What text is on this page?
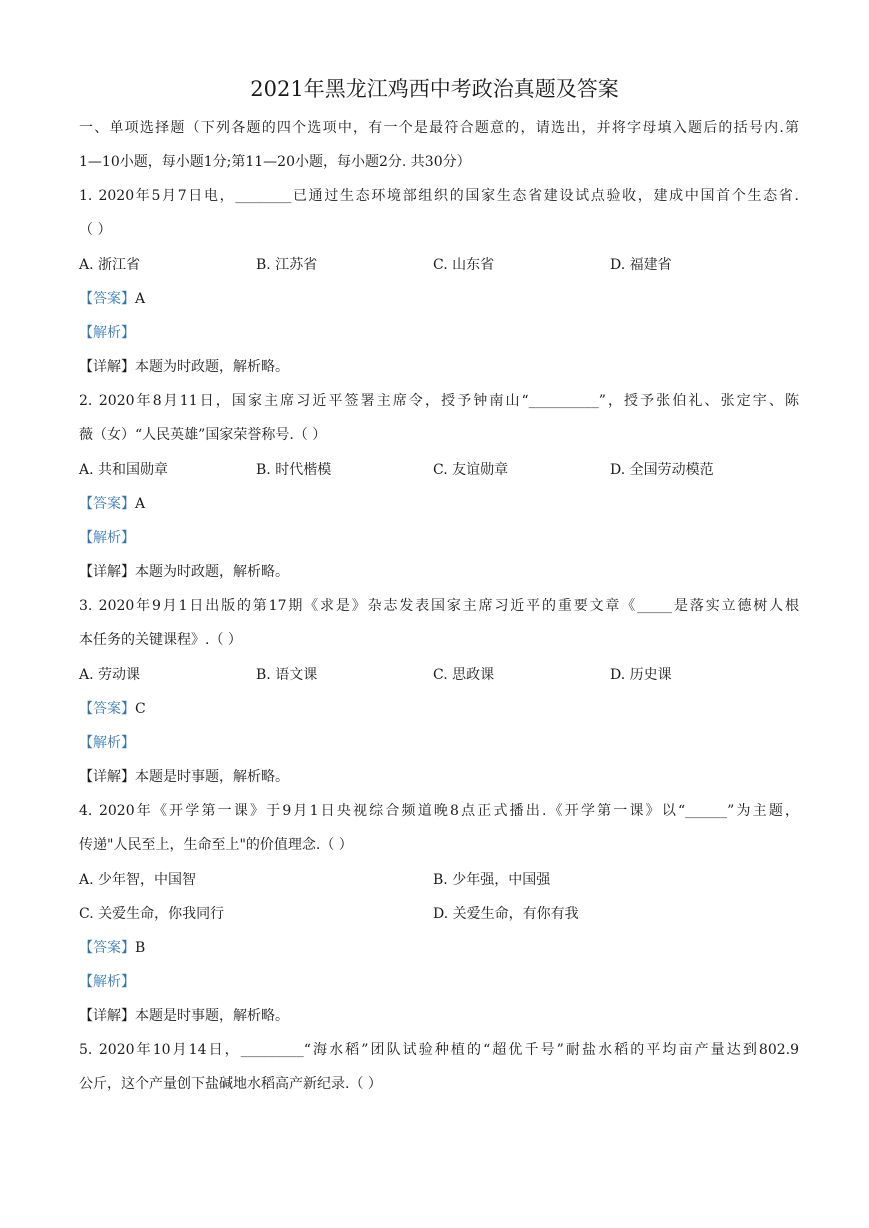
2021年黑龙江鸡西中考政治真题及答案
一、单项选择题（下列各题的四个选项中，有一个是最符合题意的，请选出，并将字母填入题后的括号内.第
1—10小题，每小题1分;第11—20小题，每小题2分. 共30分）
1. 2020年5月7日电，________已通过生态环境部组织的国家生态省建设试点验收，建成中国首个生态省.
（ ）
A. 浙江省	B. 江苏省	C. 山东省	D. 福建省
【答案】A
【解析】
【详解】本题为时政题，解析略。
2. 2020年8月11日，国家主席习近平签署主席令，授予钟南山“__________”，授予张伯礼、张定宇、陈
薇（女）“人民英雄”国家荣誉称号.（ ）
A. 共和国勋章	B. 时代楷模	C. 友谊勋章	D. 全国劳动模范
【答案】A
【解析】
【详解】本题为时政题，解析略。
3. 2020年9月1日出版的第17期《求是》杂志发表国家主席习近平的重要文章《_____是落实立德树人根
本任务的关键课程》.（ ）
A. 劳动课	B. 语文课	C. 思政课	D. 历史课
【答案】C
【解析】
【详解】本题是时事题，解析略。
4. 2020年《开学第一课》于9月1日央视综合频道晚8点正式播出.《开学第一课》以“______”为主题，
传递"人民至上，生命至上"的价值理念.（ ）
A. 少年智，中国智	B. 少年强，中国强
C. 关爱生命，你我同行	D. 关爱生命，有你有我
【答案】B
【解析】
【详解】本题是时事题，解析略。
5. 2020年10月14日，_________“海水稻”团队试验种植的“超优千号”耐盐水稻的平均亩产量达到802.9
公斤，这个产量创下盐碱地水稻高产新纪录.（ ）
